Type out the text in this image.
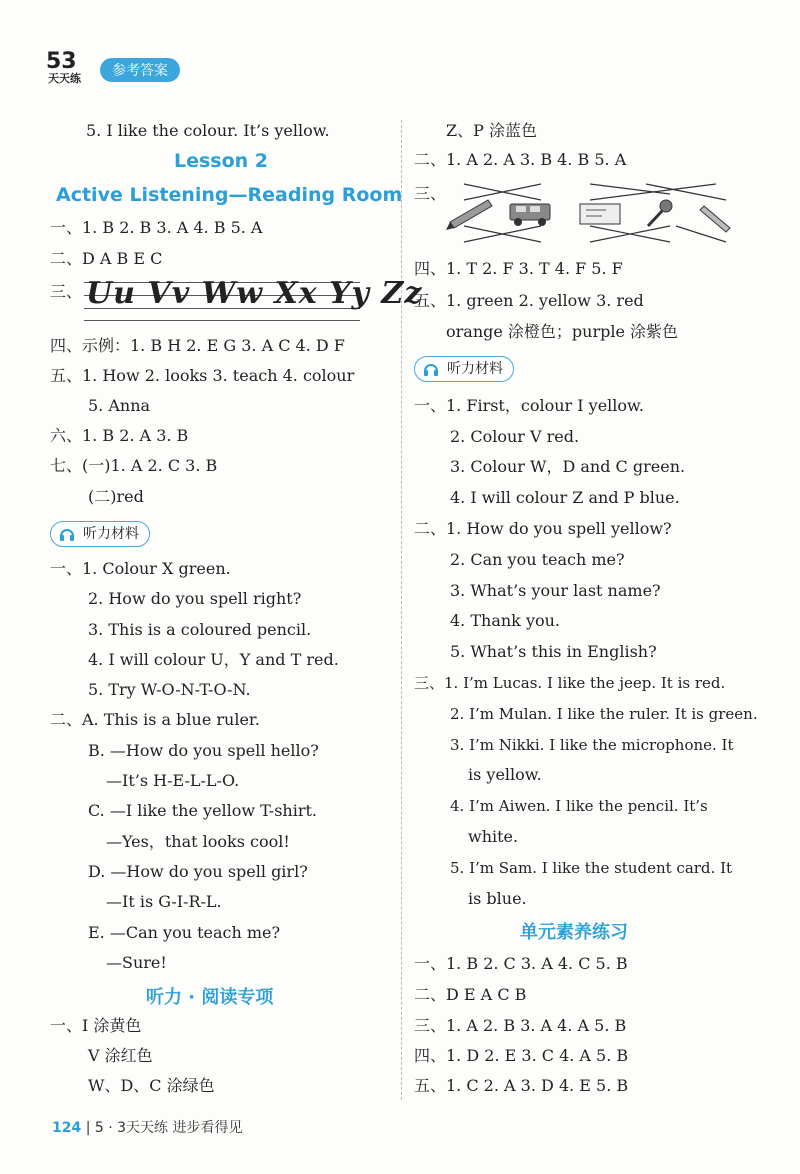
53
天天练	参考答案
5. I like the colour. It’s yellow.
Lesson 2
Active Listening—Reading Room
一、1. B 2. B 3. A 4. B 5. A
二、D A B E C
三、 Uu Vv Ww Xx Yy Zz
四、示例：1. B H 2. E G 3. A C 4. D F
五、1. How 2. looks 3. teach 4. colour
5. Anna
六、1. B 2. A 3. B
七、(一)1. A 2. C 3. B
(二)red
听力材料
一、1. Colour X green.
2. How do you spell right?
3. This is a coloured pencil.
4. I will colour U，Y and T red.
5. Try W-O-N-T-O-N.
二、A. This is a blue ruler.
B. —How do you spell hello?
—It’s H-E-L-L-O.
C. —I like the yellow T-shirt.
—Yes，that looks cool!
D. —How do you spell girl?
—It is G-I-R-L.
E. —Can you teach me?
—Sure!
听力 · 阅读专项
一、I 涂黄色
V 涂红色
W、D、C 涂绿色
Z、P 涂蓝色
二、1. A 2. A 3. B 4. B 5. A
三、
四、1. T 2. F 3. T 4. F 5. F
五、1. green 2. yellow 3. red
orange 涂橙色；purple 涂紫色
听力材料
一、1. First，colour I yellow.
2. Colour V red.
3. Colour W，D and C green.
4. I will colour Z and P blue.
二、1. How do you spell yellow?
2. Can you teach me?
3. What’s your last name?
4. Thank you.
5. What’s this in English?
三、1. I’m Lucas. I like the jeep. It is red.
2. I’m Mulan. I like the ruler. It is green.
3. I’m Nikki. I like the microphone. It
is yellow.
4. I’m Aiwen. I like the pencil. It’s
white.
5. I’m Sam. I like the student card. It
is blue.
单元素养练习
一、1. B 2. C 3. A 4. C 5. B
二、D E A C B
三、1. A 2. B 3. A 4. A 5. B
四、1. D 2. E 3. C 4. A 5. B
五、1. C 2. A 3. D 4. E 5. B
124 | 5 · 3天天练 进步看得见
